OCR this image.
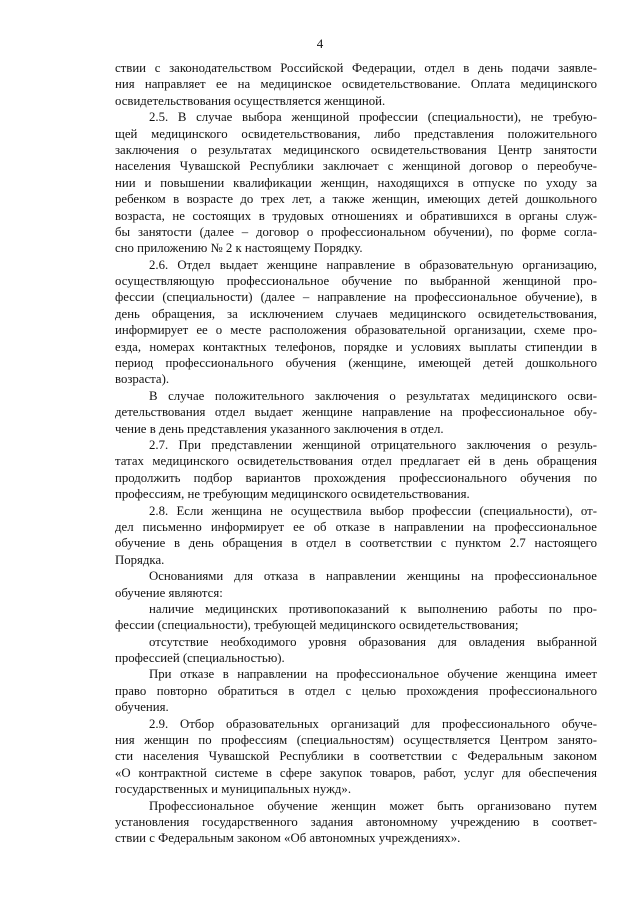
4
ствии с законодательством Российской Федерации, отдел в день подачи заявле-
ния направляет ее на медицинское освидетельствование. Оплата медицинского
освидетельствования осуществляется женщиной.
2.5. В случае выбора женщиной профессии (специальности), не требую-
щей медицинского освидетельствования, либо представления положительного
заключения о результатах медицинского освидетельствования Центр занятости
населения Чувашской Республики заключает с женщиной договор о переобучe-
нии и повышении квалификации женщин, находящихся в отпуске по уходу за
ребенком в возрасте до трех лет, а также женщин, имеющих детей дошкольного
возраста, не состоящих в трудовых отношениях и обратившихся в органы служ-
бы занятости (далее – договор о профессиональном обучении), по форме согла-
сно приложению № 2 к настоящему Порядку.
2.6. Отдел выдает женщине направление в образовательную организацию,
осуществляющую профессиональное обучение по выбранной женщиной про-
фессии (специальности) (далее – направление на профессиональное обучение), в
день обращения, за исключением случаев медицинского освидетельствования,
информирует ее о месте расположения образовательной организации, схеме про-
езда, номерах контактных телефонов, порядке и условиях выплаты стипендии в
период профессионального обучения (женщине, имеющей детей дошкольного
возраста).
В случае положительного заключения о результатах медицинского осви-
детельствования отдел выдает женщине направление на профессиональное обу-
чение в день представления указанного заключения в отдел.
2.7. При представлении женщиной отрицательного заключения о резуль-
татах медицинского освидетельствования отдел предлагает ей в день обращения
продолжить подбор вариантов прохождения профессионального обучения по
профессиям, не требующим медицинского освидетельствования.
2.8. Если женщина не осуществила выбор профессии (специальности), от-
дел письменно информирует ее об отказе в направлении на профессиональное
обучение в день обращения в отдел в соответствии с пунктом 2.7 настоящего
Порядка.
Основаниями для отказа в направлении женщины на профессиональное
обучение являются:
наличие медицинских противопоказаний к выполнению работы по про-
фессии (специальности), требующей медицинского освидетельствования;
отсутствие необходимого уровня образования для овладения выбранной
профессией (специальностью).
При отказе в направлении на профессиональное обучение женщина имеет
право повторно обратиться в отдел с целью прохождения профессионального
обучения.
2.9. Отбор образовательных организаций для профессионального обуче-
ния женщин по профессиям (специальностям) осуществляется Центром занято-
сти населения Чувашской Республики в соответствии с Федеральным законом
«О контрактной системе в сфере закупок товаров, работ, услуг для обеспечения
государственных и муниципальных нужд».
Профессиональное обучение женщин может быть организовано путем
установления государственного задания автономному учреждению в соответ-
ствии с Федеральным законом «Об автономных учреждениях».
